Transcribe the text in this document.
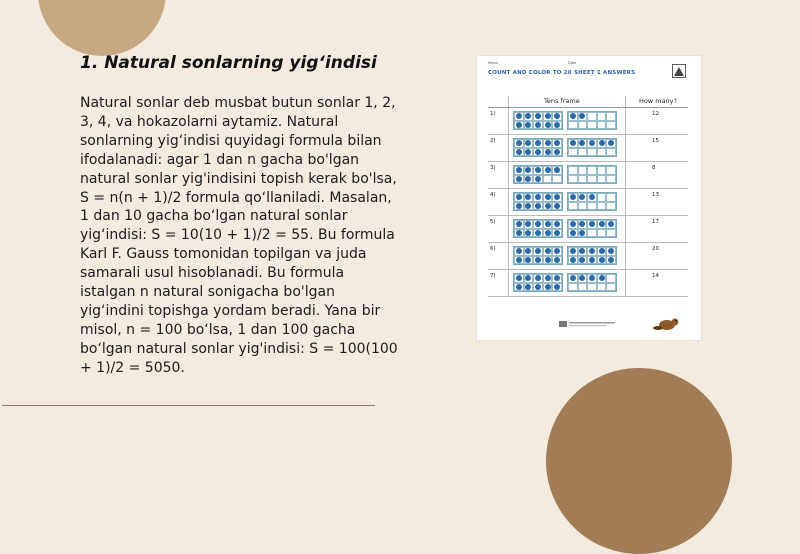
1. Natural sonlarning yig‘indisi

Natural sonlar deb musbat butun sonlar 1, 2, 3, 4, va hokazolarni aytamiz. Natural sonlarning yig‘indisi quyidagi formula bilan ifodalanadi: agar 1 dan n gacha bo'lgan natural sonlar yig'indisini topish kerak bo'lsa, S = n(n + 1)/2 formula qo‘llaniladi. Masalan, 1 dan 10 gacha bo‘lgan natural sonlar yig‘indisi: S = 10(10 + 1)/2 = 55. Bu formula Karl F. Gauss tomonidan topilgan va juda samarali usul hisoblanadi. Bu formula istalgan n natural sonigacha bo'lgan yig‘indini topishga yordam beradi. Yana bir misol, n = 100 bo‘lsa, 1 dan 100 gacha bo‘lgan natural sonlar yig'indisi: S = 100(100 + 1)/2 = 5050.

Name	Date
COUNT AND COLOR TO 20 SHEET 1 ANSWERS
Tens frame	How many?
1)	12
2)	15
3)	8
4)	13
5)	17
6)	20
7)	14
